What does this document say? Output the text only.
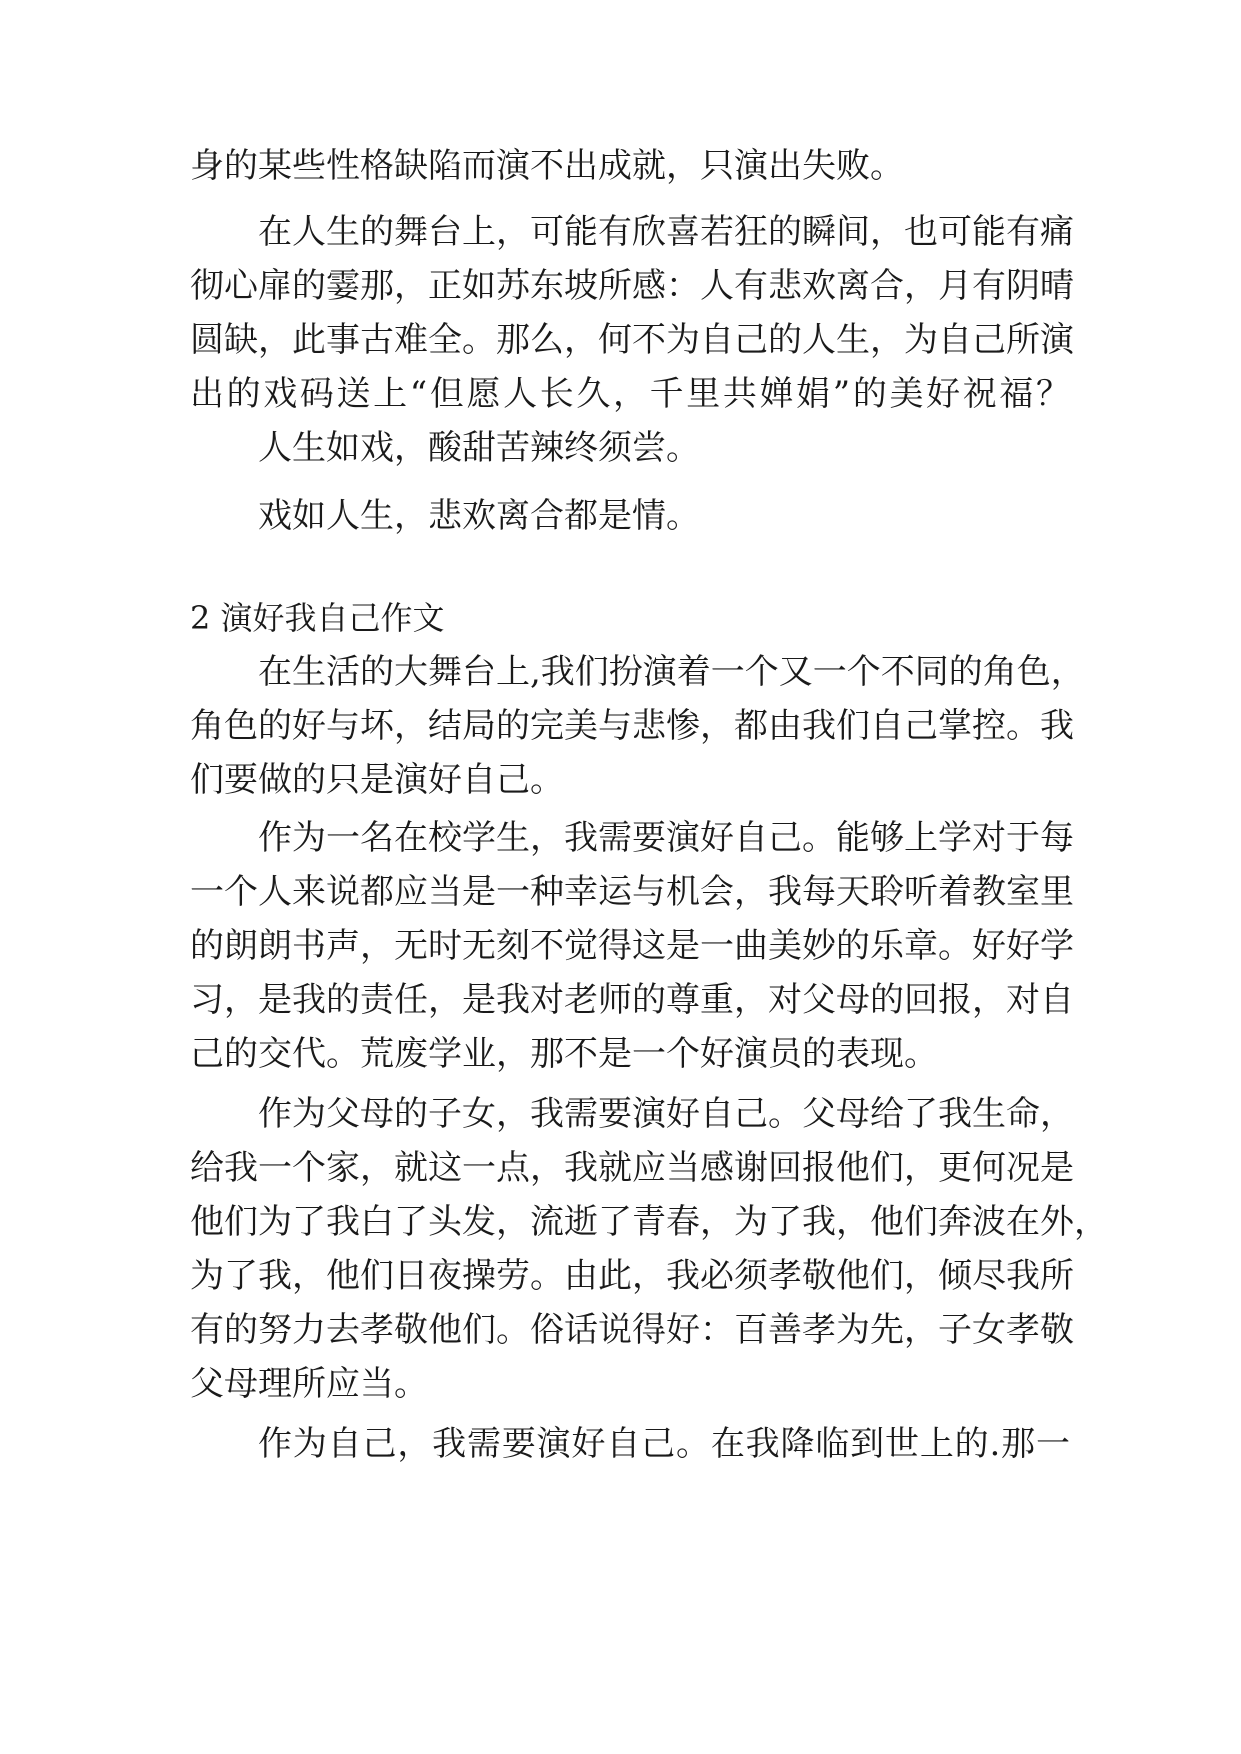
身的某些性格缺陷而演不出成就，只演出失败。
在人生的舞台上，可能有欣喜若狂的瞬间，也可能有痛
彻心扉的霎那，正如苏东坡所感：人有悲欢离合，月有阴晴
圆缺，此事古难全。那么，何不为自己的人生，为自己所演
出的戏码送上“但愿人长久，千里共婵娟”的美好祝福？
人生如戏，酸甜苦辣终须尝。
戏如人生，悲欢离合都是情。
2 演好我自己作文
在生活的大舞台上,我们扮演着一个又一个不同的角色，
角色的好与坏，结局的完美与悲惨，都由我们自己掌控。我
们要做的只是演好自己。
作为一名在校学生，我需要演好自己。能够上学对于每
一个人来说都应当是一种幸运与机会，我每天聆听着教室里
的朗朗书声，无时无刻不觉得这是一曲美妙的乐章。好好学
习，是我的责任，是我对老师的尊重，对父母的回报，对自
己的交代。荒废学业，那不是一个好演员的表现。
作为父母的子女，我需要演好自己。父母给了我生命，
给我一个家，就这一点，我就应当感谢回报他们，更何况是
他们为了我白了头发，流逝了青春，为了我，他们奔波在外，
为了我，他们日夜操劳。由此，我必须孝敬他们，倾尽我所
有的努力去孝敬他们。俗话说得好：百善孝为先，子女孝敬
父母理所应当。
作为自己，我需要演好自己。在我降临到世上的.那一
